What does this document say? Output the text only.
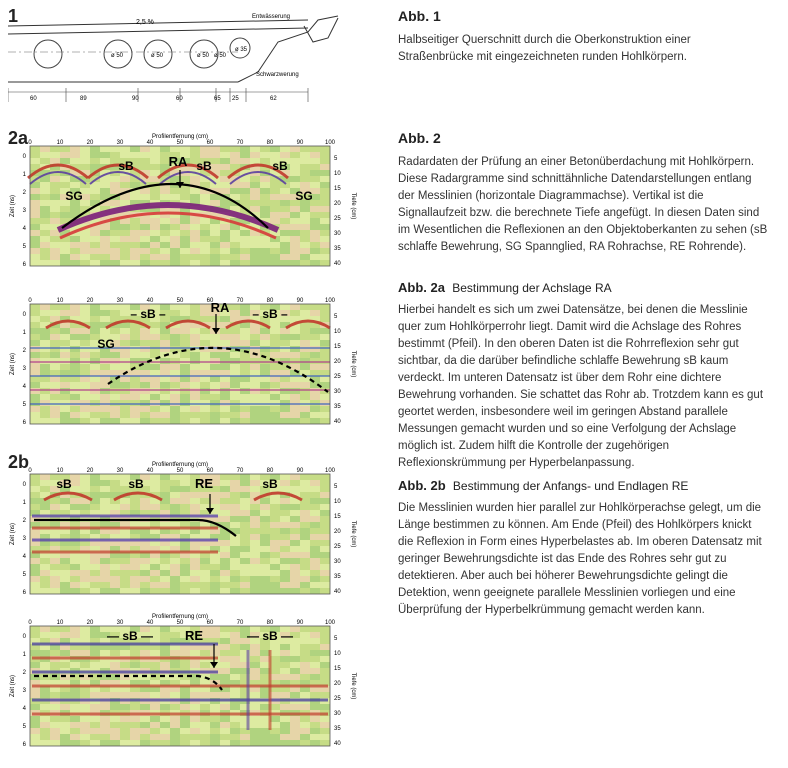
1
2a
2b
ø 50	ø 50	ø 50 ø 50
ø 35
2,5 %
Entwässerung
Schwarzwerung
60	89	90	60	65 25	62
Profilentfernung (cm)
0	10	20	30	40	50	60	70	80	90	100
0
1
2
3
4
5
6
5
10
15
20
25
30
35
40
Zeit (ns)	Tiefe (cm)
sB	RA sB	sB
SG	SG
0	10	20	30	40	50	60	70	80	90	100
0
1
2
3
4
5
6
5
10
15
20
25
30
35
40
Zeit (ns)	Tiefe (cm)
– sB –	RA – sB –
SG
Profilentfernung (cm)
0	10	20	30	40	50	60	70	80	90	100
0
1
2
3
4
5
6
5
10
15
20
25
30
35
40
Zeit (ns)	Tiefe (cm)
sB	sB	RE	sB
Profilentfernung (cm)
0	10	20	30	40	50	60	70	80	90	100
0
1
2
3
4
5
6
5
10
15
20
25
30
35
40
Zeit (ns)	Tiefe (cm)
— sB — RE	— sB —
Abb. 1
Halbseitiger Querschnitt durch die Oberkonstruktion einer Straßenbrücke mit eingezeichneten runden Hohlkörpern.
Abb. 2
Radardaten der Prüfung an einer Betonüberdachung mit Hohlkörpern. Diese Radargramme sind schnittähnliche Datendarstellungen entlang der Messlinien (horizontale Diagrammachse). Vertikal ist die Signallaufzeit bzw. die berechnete Tiefe angefügt. In diesen Daten sind im Wesentlichen die Reflexionen an den Objektoberkanten zu sehen (sB schlaffe Bewehrung, SG Spannglied, RA Rohrachse, RE Rohrende).
Abb. 2a Bestimmung der Achslage RA
Hierbei handelt es sich um zwei Datensätze, bei denen die Messlinie quer zum Hohlkörperrohr liegt. Damit wird die Achslage des Rohres bestimmt (Pfeil). In den oberen Daten ist die Rohrreflexion sehr gut sichtbar, da die darüber befindliche schlaffe Bewehrung sB kaum verdeckt. Im unteren Datensatz ist über dem Rohr eine dichtere Bewehrung vorhanden. Sie schattet das Rohr ab. Trotzdem kann es gut geortet werden, insbesondere weil im geringen Abstand parallele Messungen gemacht wurden und so eine Verfolgung der Achslage möglich ist. Zudem hilft die Kontrolle der zugehörigen Reflexionskrümmung per Hyperbelanpassung.
Abb. 2b Bestimmung der Anfangs- und Endlagen RE
Die Messlinien wurden hier parallel zur Hohlkörperachse gelegt, um die Länge bestimmen zu können. Am Ende (Pfeil) des Hohlkörpers knickt die Reflexion in Form eines Hyperbelastes ab. Im oberen Datensatz mit geringer Bewehrungsdichte ist das Ende des Rohres sehr gut zu detektieren. Aber auch bei höherer Bewehrungsdichte gelingt die Detektion, wenn geeignete parallele Messlinien vorliegen und eine Überprüfung der Hyperbelkrümmung gemacht werden kann.
